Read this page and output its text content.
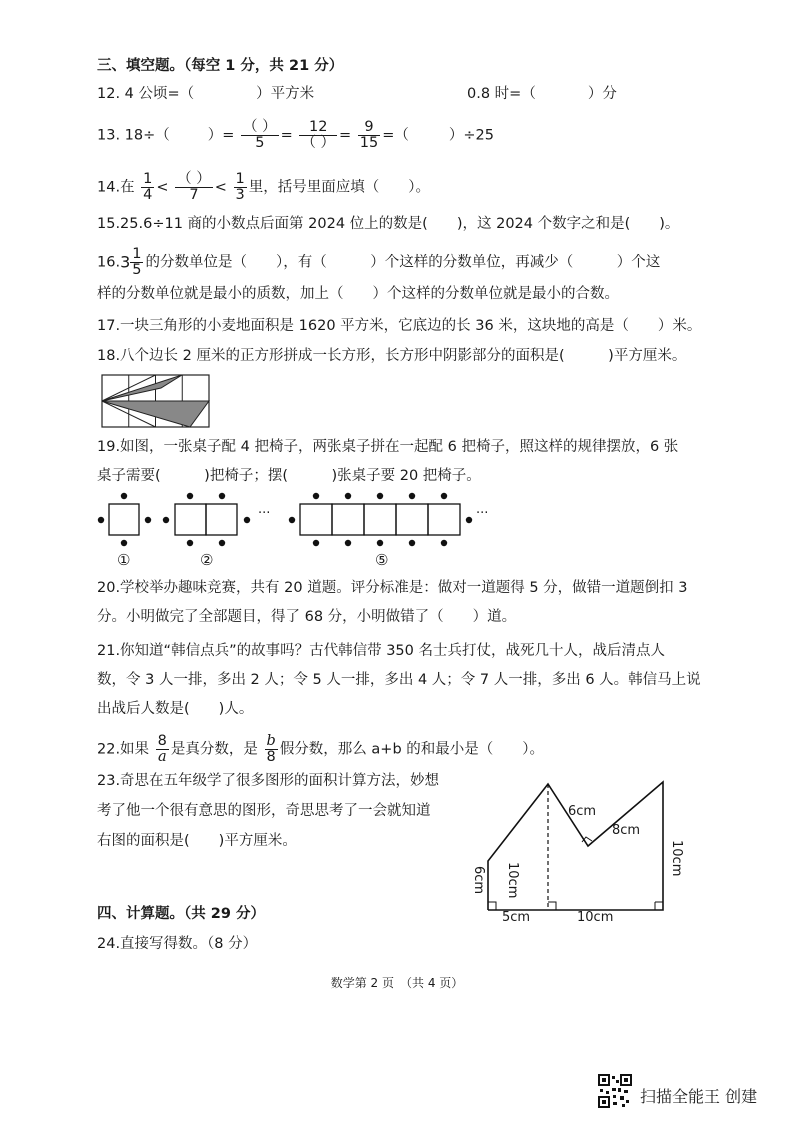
三、填空题。（每空 1 分，共 21 分）
12. 4 公顷=（	）平方米	0.8 时=（	）分
13. 18÷（	）=
（ ）
5	=
12
（ ） = $\frac{9}{15}$ =（	）÷25
14.在 $\frac{1}{4}$ <
（ ）
7	< $\frac{1}{3}$ 里，括号里面应填（　　）。
15.25.6÷11 商的小数点后面第 2024 位上的数是(　　)，这 2024 个数字之和是(　　)。
$16.3 \frac{1}{5}$ 的分数单位是（　　），有（　　　）个这样的分数单位，再减少（　　　）个这
样的分数单位就是最小的质数，加上（　　）个这样的分数单位就是最小的合数。
17.一块三角形的小麦地面积是 1620 平方米，它底边的长 36 米，这块地的高是（　　）米。
18.八个边长 2 厘米的正方形拼成一长方形，长方形中阴影部分的面积是(　　　)平方厘米。
19.如图，一张桌子配 4 把椅子，两张桌子拼在一起配 6 把椅子，照这样的规律摆放，6 张
桌子需要(　　　)把椅子；摆(　　　)张桌子要 20 把椅子。
···	···
①	②	⑤
20.学校举办趣味竞赛，共有 20 道题。评分标准是：做对一道题得 5 分，做错一道题倒扣 3
分。小明做完了全部题目，得了 68 分，小明做错了（　　）道。
21.你知道“韩信点兵”的故事吗？古代韩信带 350 名士兵打仗，战死几十人，战后清点人
数，令 3 人一排，多出 2 人；令 5 人一排，多出 4 人；令 7 人一排，多出 6 人。韩信马上说
出战后人数是(　　)人。
22.如果 $\frac{8}{a}$ 是真分数，是 $\frac{b}{8}$ 假分数，那么 a+b 的和最小是（　　）。
23.奇思在五年级学了很多图形的面积计算方法，妙想
考了他一个很有意思的图形，奇思思考了一会就知道
右图的面积是(　　)平方厘米。
6cm
8cm
10cm
6cm
10cm
5cm	10cm
四、计算题。（共 29 分）
24.直接写得数。（8 分）
数学第 2 页　（共 4 页）
扫描全能王 创建
